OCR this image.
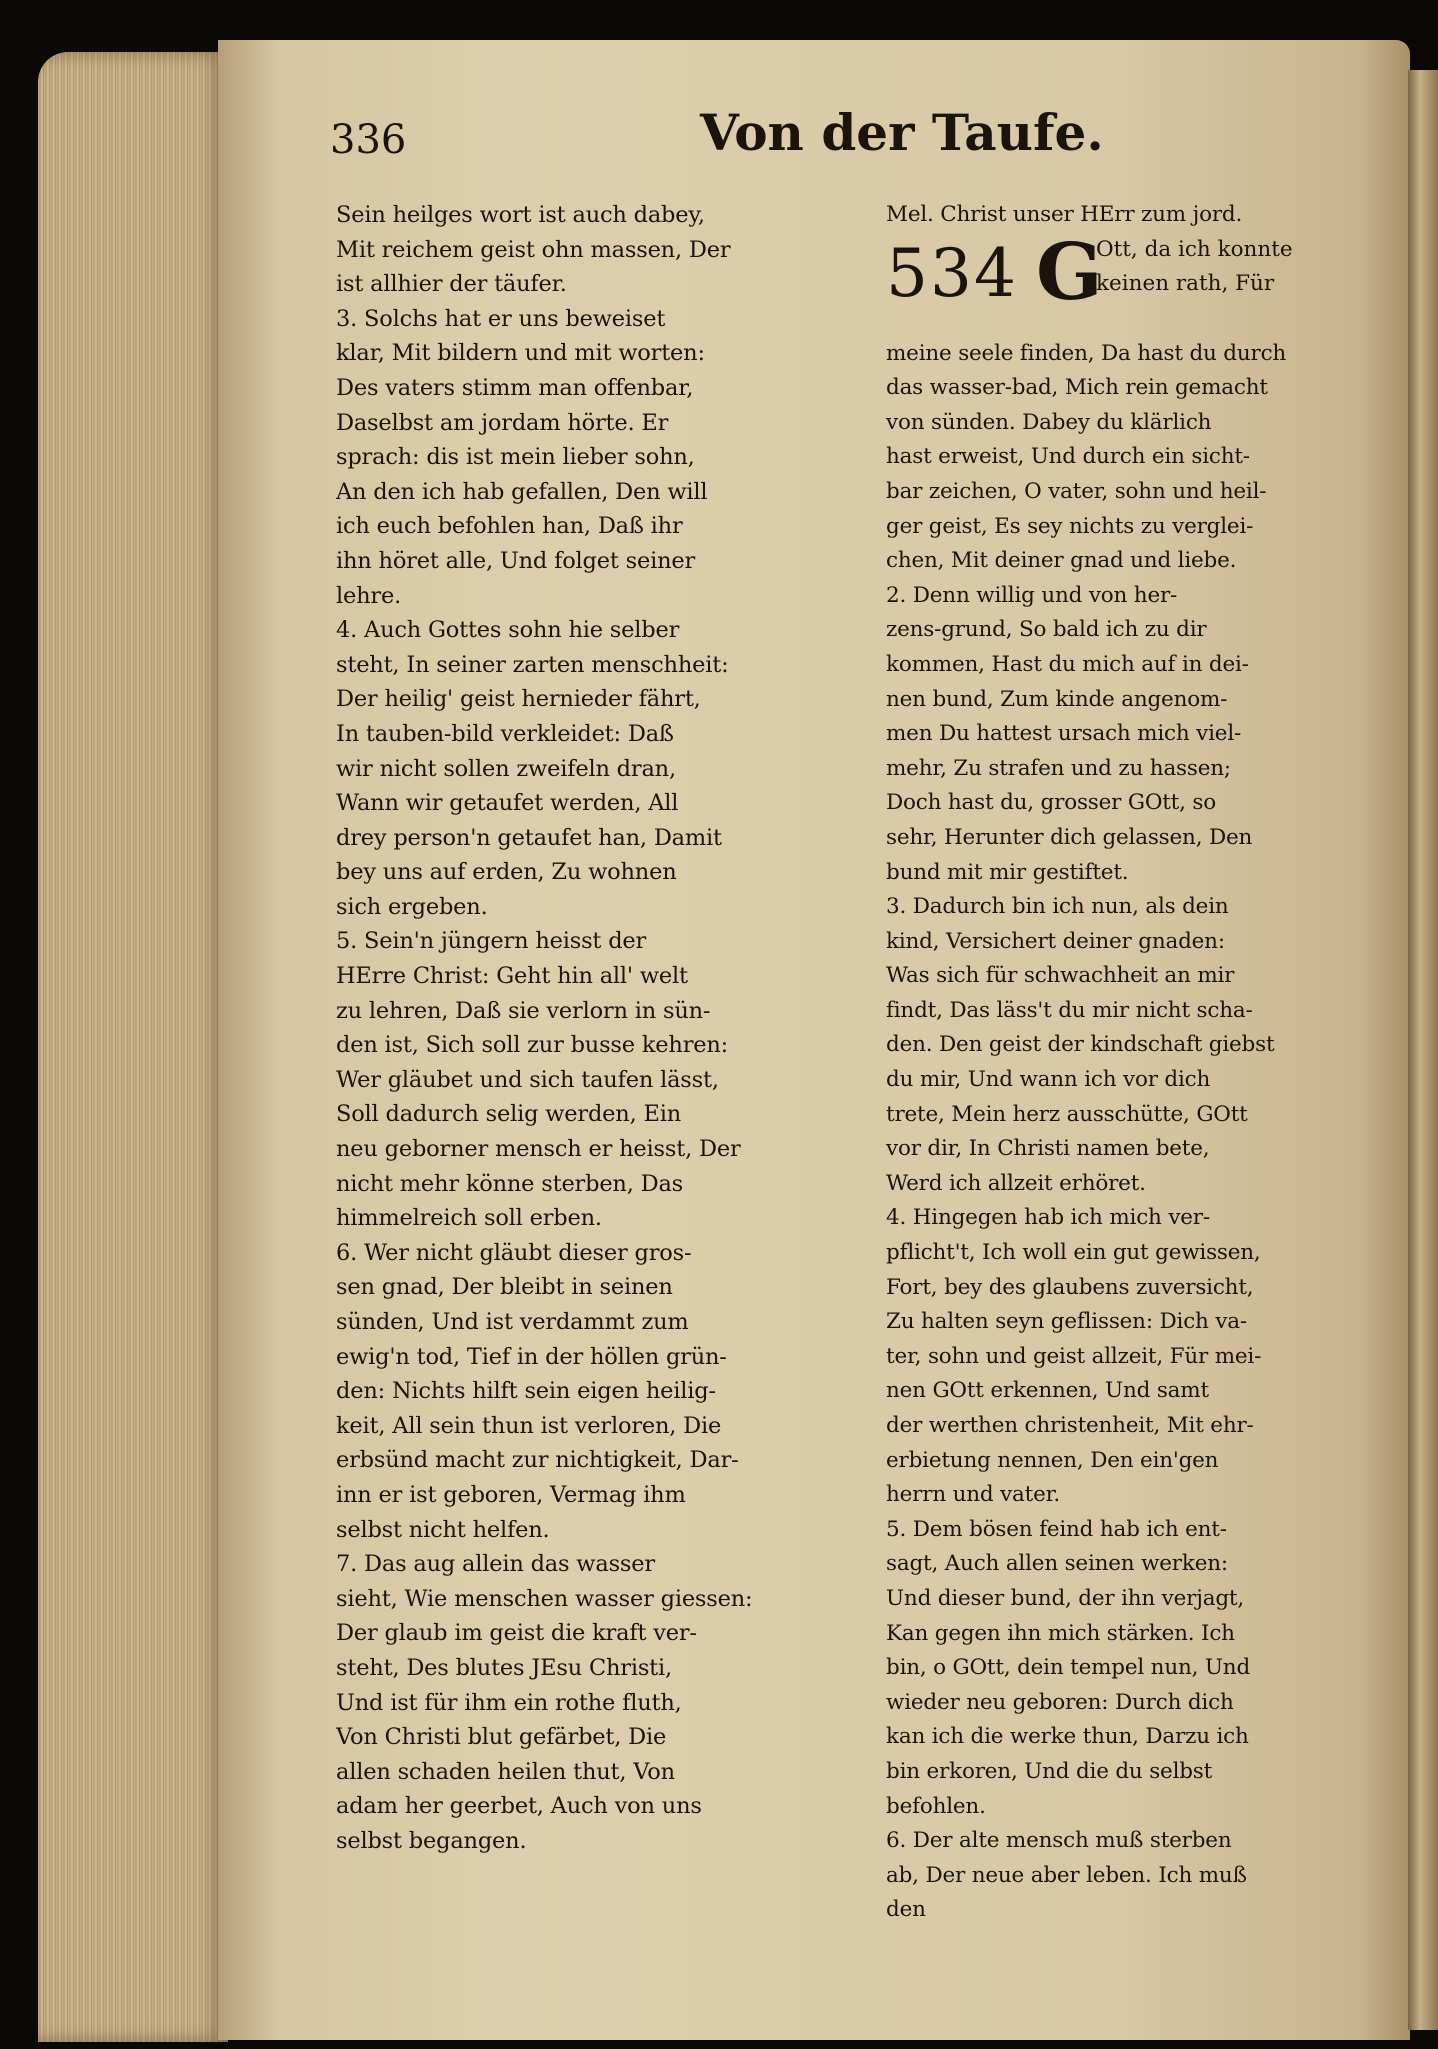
336	Von der Taufe.
Sein heilges wort ist auch dabey,
Mit reichem geist ohn massen, Der
ist allhier der täufer.
3. Solchs hat er uns beweiset
klar, Mit bildern und mit worten:
Des vaters stimm man offenbar,
Daselbst am jordam hörte. Er
sprach: dis ist mein lieber sohn,
An den ich hab gefallen, Den will
ich euch befohlen han, Daß ihr
ihn höret alle, Und folget seiner
lehre.
4. Auch Gottes sohn hie selber
steht, In seiner zarten menschheit:
Der heilig' geist hernieder fährt,
In tauben-bild verkleidet: Daß
wir nicht sollen zweifeln dran,
Wann wir getaufet werden, All
drey person'n getaufet han, Damit
bey uns auf erden, Zu wohnen
sich ergeben.
5. Sein'n jüngern heisst der
HErre Christ: Geht hin all' welt
zu lehren, Daß sie verlorn in sün-
den ist, Sich soll zur busse kehren:
Wer gläubet und sich taufen lässt,
Soll dadurch selig werden, Ein
neu geborner mensch er heisst, Der
nicht mehr könne sterben, Das
himmelreich soll erben.
6. Wer nicht gläubt dieser gros-
sen gnad, Der bleibt in seinen
sünden, Und ist verdammt zum
ewig'n tod, Tief in der höllen grün-
den: Nichts hilft sein eigen heilig-
keit, All sein thun ist verloren, Die
erbsünd macht zur nichtigkeit, Dar-
inn er ist geboren, Vermag ihm
selbst nicht helfen.
7. Das aug allein das wasser
sieht, Wie menschen wasser giessen:
Der glaub im geist die kraft ver-
steht, Des blutes JEsu Christi,
Und ist für ihm ein rothe fluth,
Von Christi blut gefärbet, Die
allen schaden heilen thut, Von
adam her geerbet, Auch von uns
selbst begangen.
Mel. Christ unser HErr zum jord.
534 G
Ott, da ich konnte
keinen rath, Für
meine seele finden, Da hast du durch
das wasser-bad, Mich rein gemacht
von sünden. Dabey du klärlich
hast erweist, Und durch ein sicht-
bar zeichen, O vater, sohn und heil-
ger geist, Es sey nichts zu verglei-
chen, Mit deiner gnad und liebe.
2. Denn willig und von her-
zens-grund, So bald ich zu dir
kommen, Hast du mich auf in dei-
nen bund, Zum kinde angenom-
men Du hattest ursach mich viel-
mehr, Zu strafen und zu hassen;
Doch hast du, grosser GOtt, so
sehr, Herunter dich gelassen, Den
bund mit mir gestiftet.
3. Dadurch bin ich nun, als dein
kind, Versichert deiner gnaden:
Was sich für schwachheit an mir
findt, Das läss't du mir nicht scha-
den. Den geist der kindschaft giebst
du mir, Und wann ich vor dich
trete, Mein herz ausschütte, GOtt
vor dir, In Christi namen bete,
Werd ich allzeit erhöret.
4. Hingegen hab ich mich ver-
pflicht't, Ich woll ein gut gewissen,
Fort, bey des glaubens zuversicht,
Zu halten seyn geflissen: Dich va-
ter, sohn und geist allzeit, Für mei-
nen GOtt erkennen, Und samt
der werthen christenheit, Mit ehr-
erbietung nennen, Den ein'gen
herrn und vater.
5. Dem bösen feind hab ich ent-
sagt, Auch allen seinen werken:
Und dieser bund, der ihn verjagt,
Kan gegen ihn mich stärken. Ich
bin, o GOtt, dein tempel nun, Und
wieder neu geboren: Durch dich
kan ich die werke thun, Darzu ich
bin erkoren, Und die du selbst
befohlen.
6. Der alte mensch muß sterben
ab, Der neue aber leben. Ich muß
den
